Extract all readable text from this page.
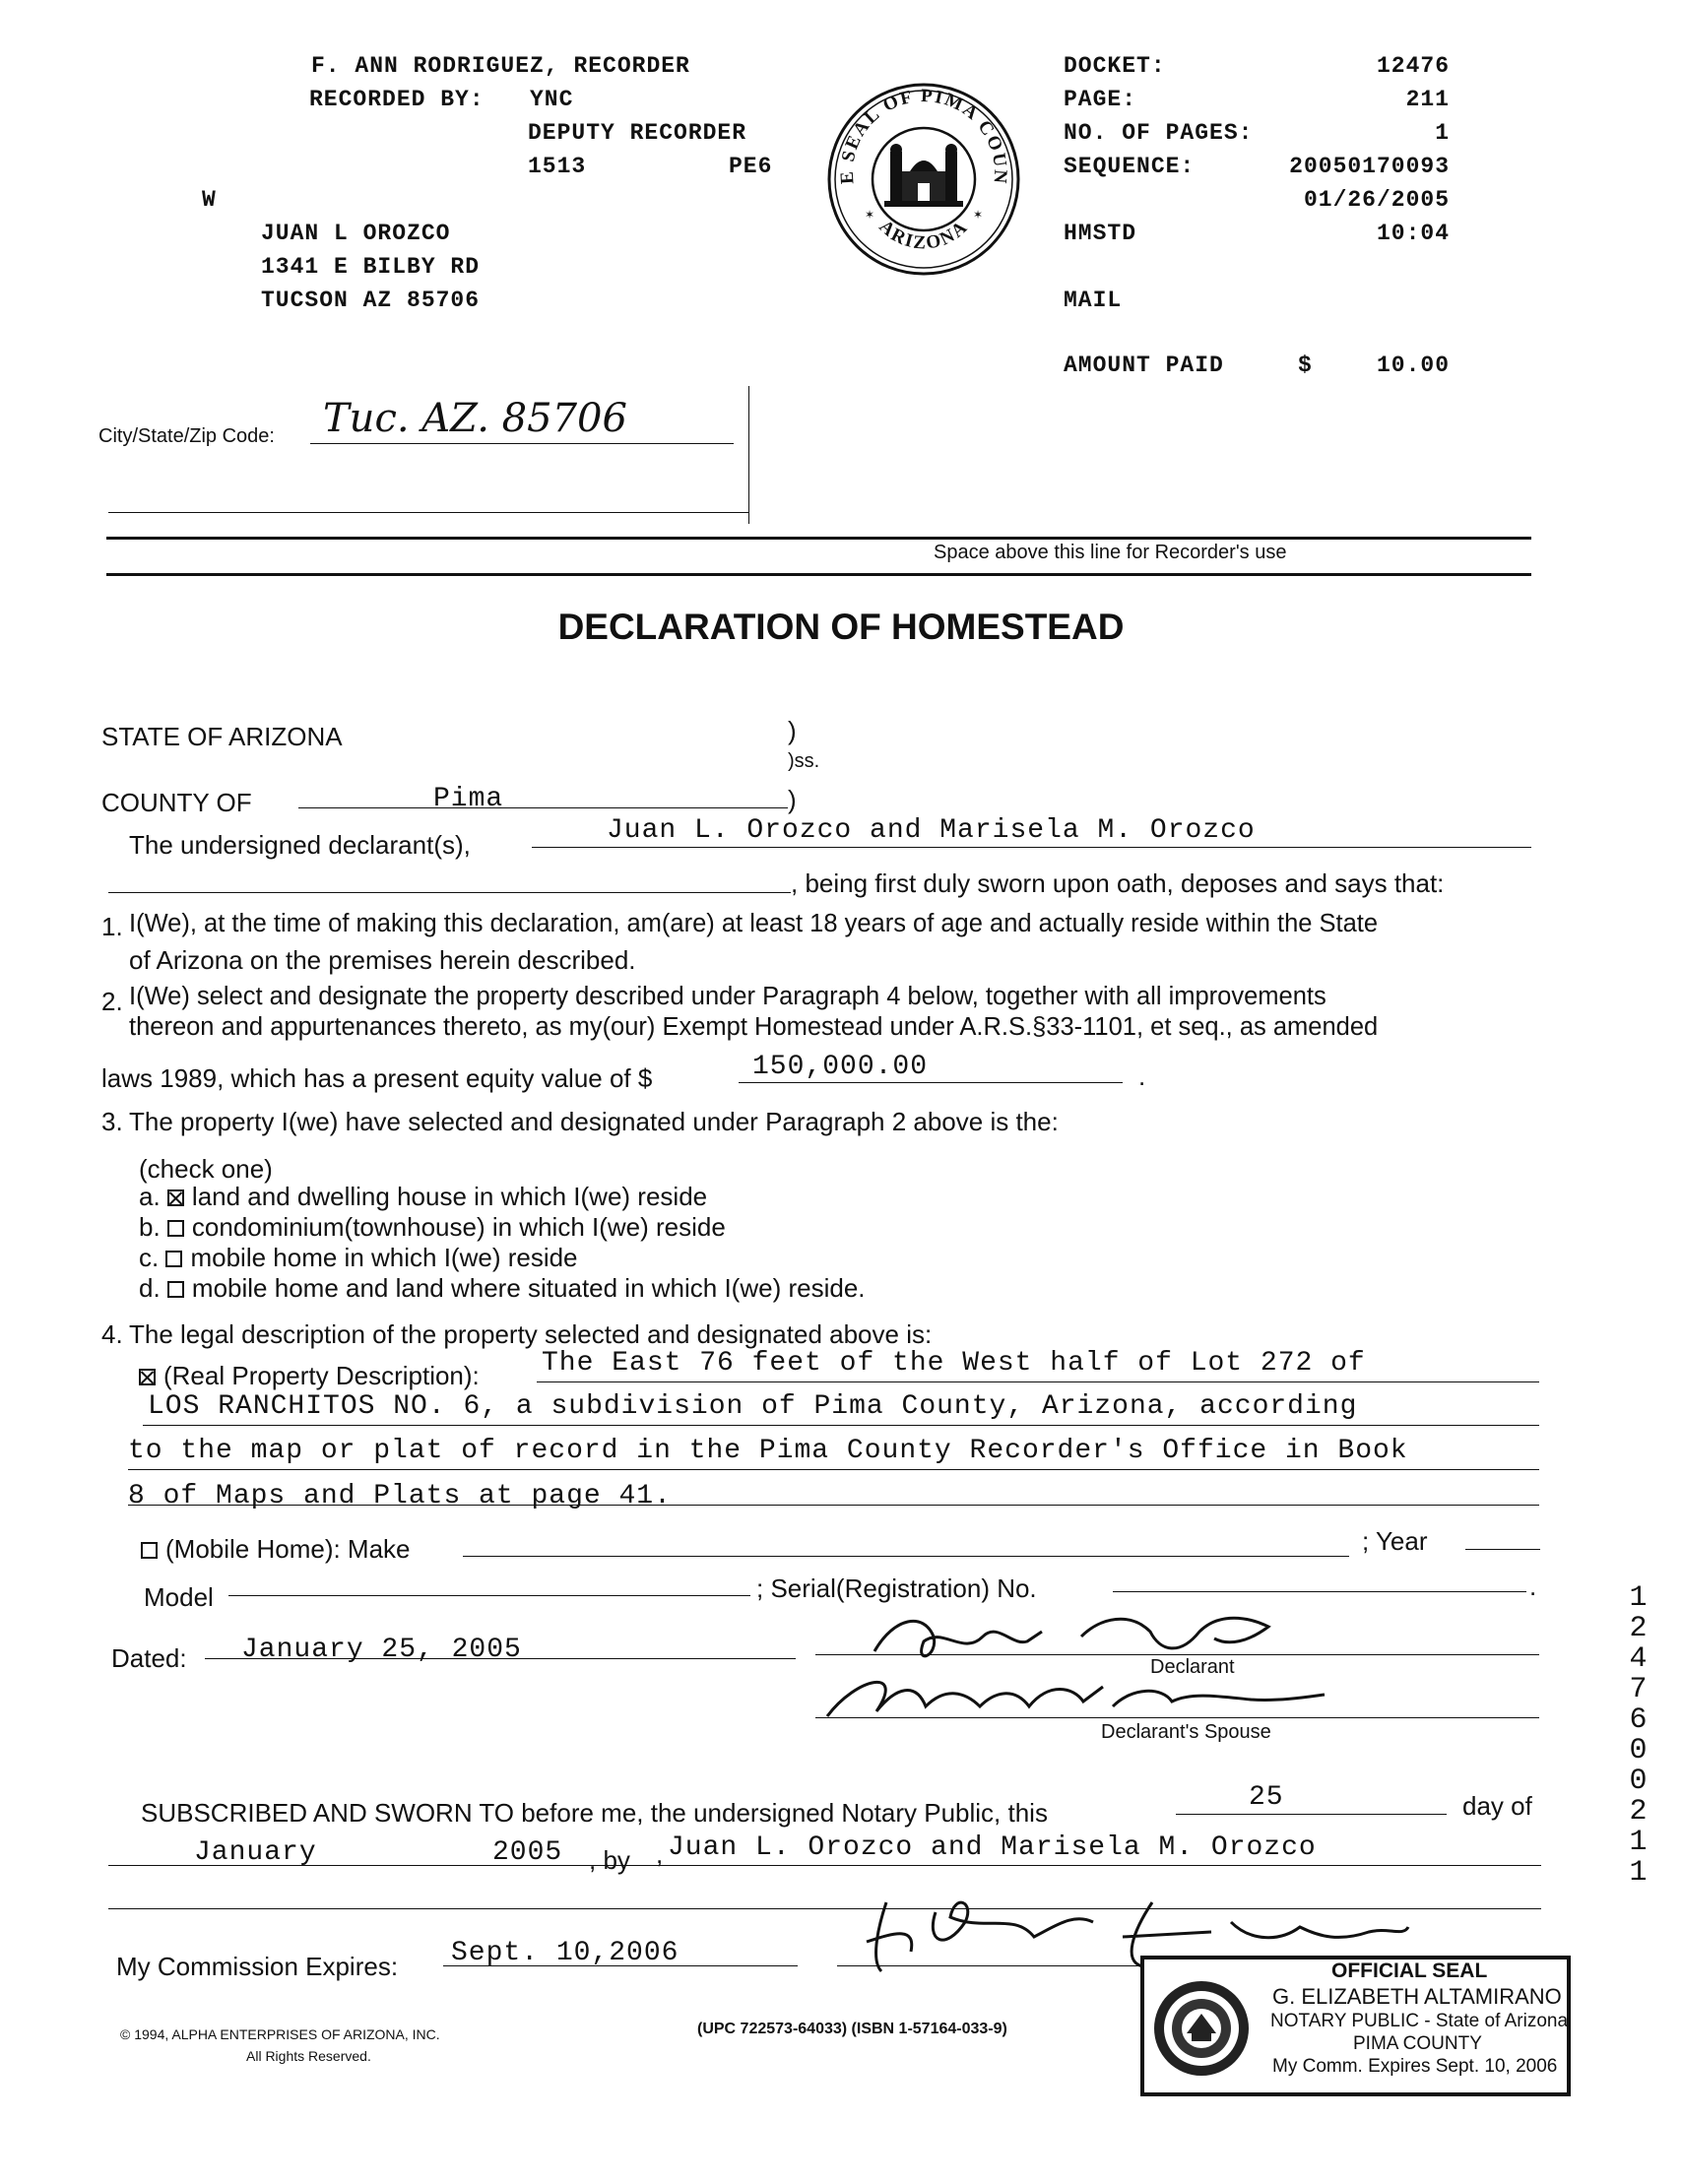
F. ANN RODRIGUEZ, RECORDER
RECORDED BY: YNC
DEPUTY RECORDER
1513	PE6
W
JUAN L OROZCO
1341 E BILBY RD
TUCSON AZ 85706
E SEAL OF PIMA COUN
ARIZONA
✶	✶
DOCKET:	12476
PAGE:	211
NO. OF PAGES:	1
SEQUENCE:	20050170093
01/26/2005
HMSTD	10:04
MAIL
AMOUNT PAID	$	10.00
City/State/Zip Code: Tuc. AZ. 85706
Space above this line for Recorder's use
DECLARATION OF HOMESTEAD
STATE OF ARIZONA	)
)ss.
COUNTY OF	Pima	)
The undersigned declarant(s),	Juan L. Orozco and Marisela M. Orozco
, being first duly sworn upon oath, deposes and says that:
1. I(We), at the time of making this declaration, am(are) at least 18 years of age and actually reside within the State
of Arizona on the premises herein described.
2. I(We) select and designate the property described under Paragraph 4 below, together with all improvements
thereon and appurtenances thereto, as my(our) Exempt Homestead under A.R.S.§33-1101, et seq., as amended
laws 1989, which has a present equity value of $	150,000.00	.
3. The property I(we) have selected and designated under Paragraph 2 above is the:
(check one)
a. land and dwelling house in which I(we) reside
b. condominium(townhouse) in which I(we) reside
c. mobile home in which I(we) reside
d. mobile home and land where situated in which I(we) reside.
4. The legal description of the property selected and designated above is:
(Real Property Description): The East 76 feet of the West half of Lot 272 of
LOS RANCHITOS NO. 6, a subdivision of Pima County, Arizona, according
to the map or plat of record in the Pima County Recorder's Office in Book
8 of Maps and Plats at page 41.
(Mobile Home): Make	; Year
Model	; Serial(Registration) No.	.
Dated: January 25, 2005
Declarant
Declarant's Spouse
SUBSCRIBED AND SWORN TO before me, the undersigned Notary Public, this	25	day of
January	,
2005 , by Juan L. Orozco and Marisela M. Orozco
My Commission Expires: Sept. 10,2006
OFFICIAL SEAL
G. ELIZABETH ALTAMIRANO
NOTARY PUBLIC - State of Arizona
PIMA COUNTY
My Comm. Expires Sept. 10, 2006
© 1994, ALPHA ENTERPRISES OF ARIZONA, INC.
All Rights Reserved.
(UPC 722573-64033) (ISBN 1-57164-033-9)
12476 00211
